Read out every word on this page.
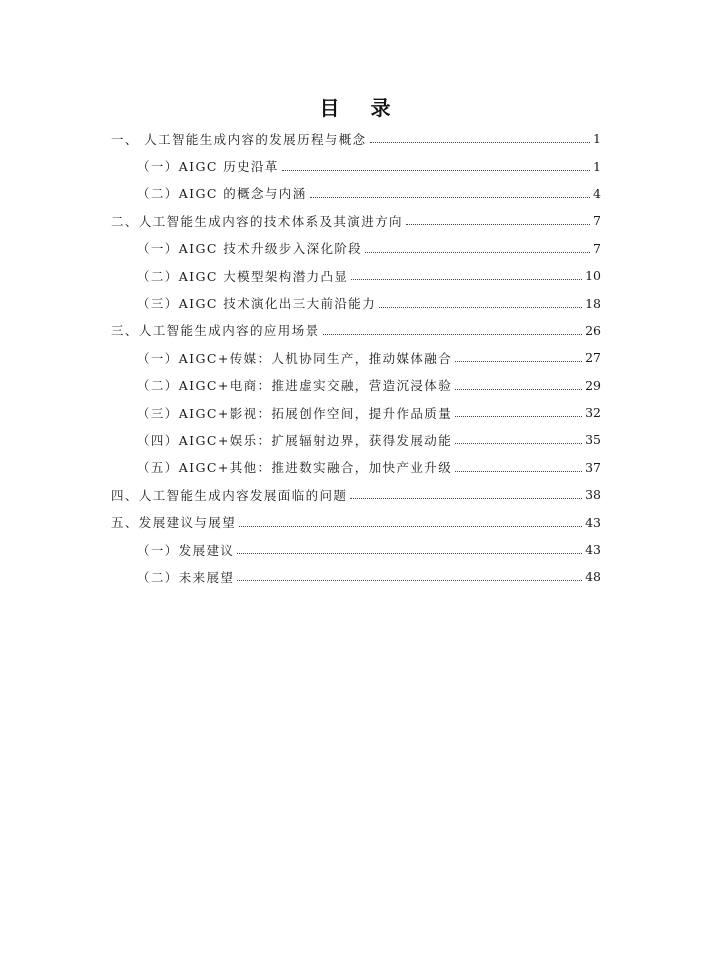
目 录
一、 人工智能生成内容的发展历程与概念	1
（一）AIGC 历史沿革	1
（二）AIGC 的概念与内涵	4
二、人工智能生成内容的技术体系及其演进方向	7
（一）AIGC 技术升级步入深化阶段	7
（二）AIGC 大模型架构潜力凸显	10
（三）AIGC 技术演化出三大前沿能力	18
三、人工智能生成内容的应用场景	26
（一）AIGC+传媒：人机协同生产，推动媒体融合	27
（二）AIGC+电商：推进虚实交融，营造沉浸体验	29
（三）AIGC+影视：拓展创作空间，提升作品质量	32
（四）AIGC+娱乐：扩展辐射边界，获得发展动能	35
（五）AIGC+其他：推进数实融合，加快产业升级	37
四、人工智能生成内容发展面临的问题	38
五、发展建议与展望	43
（一）发展建议	43
（二）未来展望	48
